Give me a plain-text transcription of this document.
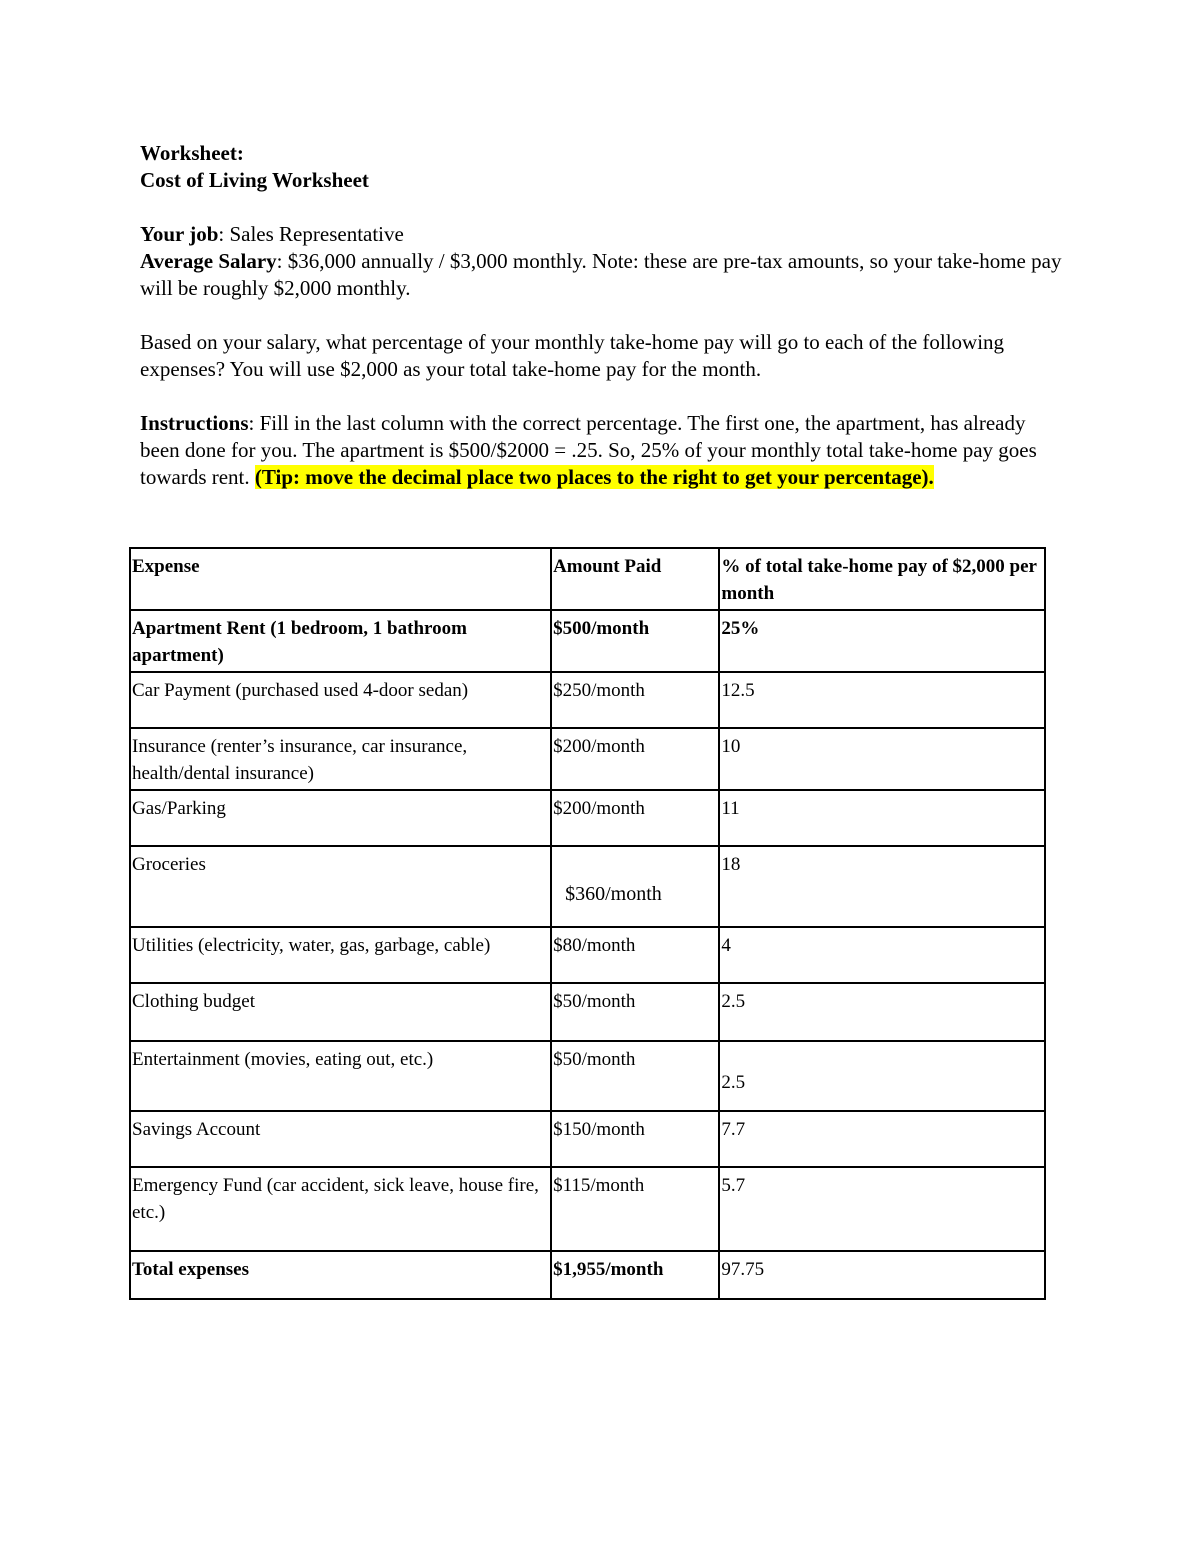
Worksheet:

Cost of Living Worksheet

Your job: Sales Representative

Average Salary: $36,000 annually / $3,000 monthly. Note: these are pre-tax amounts, so your take-home pay will be roughly $2,000 monthly.

Based on your salary, what percentage of your monthly take-home pay will go to each of the following expenses? You will use $2,000 as your total take-home pay for the month.

Instructions: Fill in the last column with the correct percentage. The first one, the apartment, has already been done for you. The apartment is $500/$2000 = .25. So, 25% of your monthly total take-home pay goes towards rent. (Tip: move the decimal place two places to the right to get your percentage).

Expense	Amount Paid	% of total take-home pay of $2,000 per month
Apartment Rent (1 bedroom, 1 bathroom apartment)	$500/month	25%
Car Payment (purchased used 4-door sedan)	$250/month	12.5
Insurance (renter’s insurance, car insurance, health/dental insurance)	$200/month	10
Gas/Parking	$200/month	11
Groceries	$360/month	18
Utilities (electricity, water, gas, garbage, cable)	$80/month	4
Clothing budget	$50/month	2.5
Entertainment (movies, eating out, etc.)	$50/month	2.5

Savings Account	$150/month	7.7
Emergency Fund (car accident, sick leave, house fire, etc.)	$115/month	5.7
Total expenses	$1,955/month	97.75
